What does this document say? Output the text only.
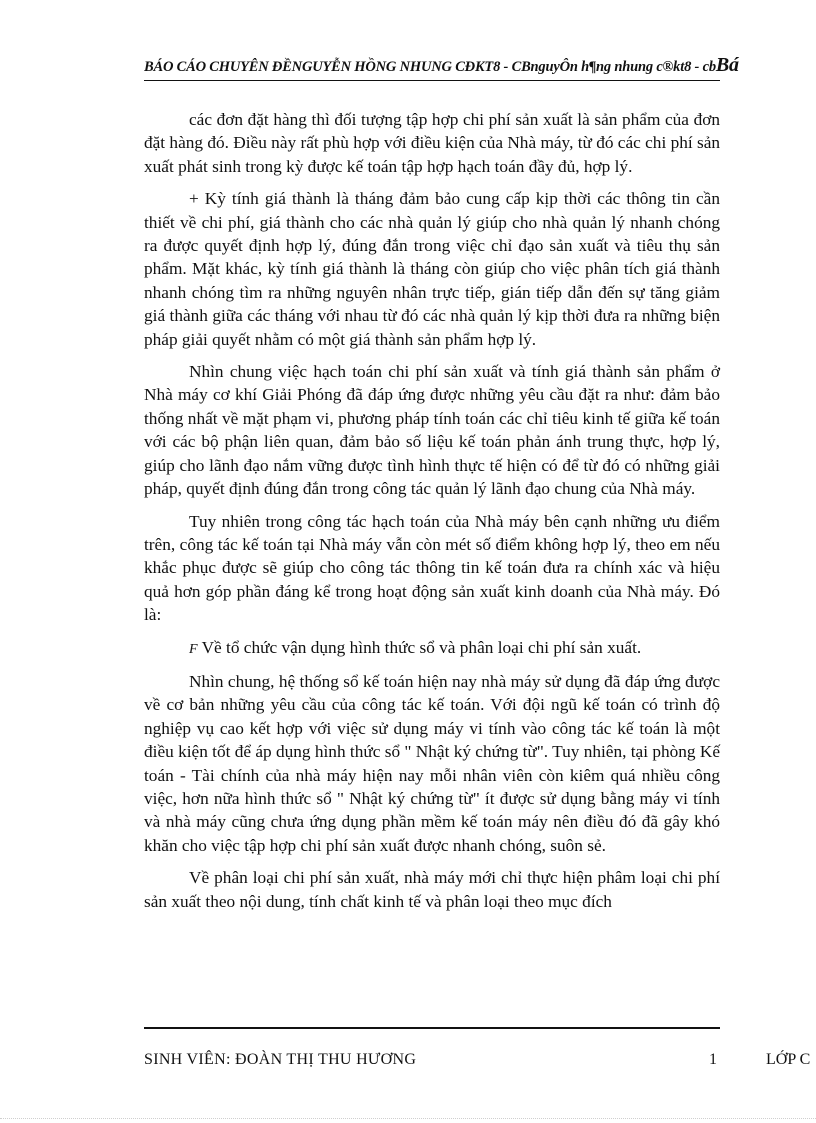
BÁO CÁO CHUYÊN ĐỀNGUYỄN HỒNG NHUNG CĐKT8 - CBnguyÔn h¶ng nhung c®kt8 - cbBá

các đơn đặt hàng thì đối tượng tập hợp chi phí sản xuất là sản phẩm của đơn đặt hàng đó. Điều này rất phù hợp với điều kiện của Nhà máy, từ đó các chi phí sản xuất phát sinh trong kỳ được kế toán tập hợp hạch toán đầy đủ, hợp lý.

+ Kỳ tính giá thành là tháng đảm bảo cung cấp kịp thời các thông tin cần thiết về chi phí, giá thành cho các nhà quản lý giúp cho nhà quản lý nhanh chóng ra được quyết định hợp lý, đúng đắn trong việc chỉ đạo sản xuất và tiêu thụ sản phẩm. Mặt khác, kỳ tính giá thành là tháng còn giúp cho việc phân tích giá thành nhanh chóng tìm ra những nguyên nhân trực tiếp, gián tiếp dẫn đến sự tăng giảm giá thành giữa các tháng với nhau từ đó các nhà quản lý kịp thời đưa ra những biện pháp giải quyết nhằm có một giá thành sản phẩm hợp lý.

Nhìn chung việc hạch toán chi phí sản xuất và tính giá thành sản phẩm ở Nhà máy cơ khí Giải Phóng đã đáp ứng được những yêu cầu đặt ra như: đảm bảo thống nhất về mặt phạm vi, phương pháp tính toán các chỉ tiêu kinh tế giữa kế toán với các bộ phận liên quan, đảm bảo số liệu kế toán phản ánh trung thực, hợp lý, giúp cho lãnh đạo nắm vững được tình hình thực tế hiện có để từ đó có những giải pháp, quyết định đúng đắn trong công tác quản lý lãnh đạo chung của Nhà máy.

Tuy nhiên trong công tác hạch toán của Nhà máy bên cạnh những ưu điểm trên, công tác kế toán tại Nhà máy vẫn còn mét số điểm không hợp lý, theo em nếu khắc phục được sẽ giúp cho công tác thông tin kế toán đưa ra chính xác và hiệu quả hơn góp phần đáng kể trong hoạt động sản xuất kinh doanh của Nhà máy. Đó là:

F Về tổ chức vận dụng hình thức sổ và phân loại chi phí sản xuất.

Nhìn chung, hệ thống sổ kế toán hiện nay nhà máy sử dụng đã đáp ứng được về cơ bản những yêu cầu của công tác kế toán. Với đội ngũ kế toán có trình độ nghiệp vụ cao kết hợp với việc sử dụng máy vi tính vào công tác kế toán là một điều kiện tốt để áp dụng hình thức sổ " Nhật ký chứng từ". Tuy nhiên, tại phòng Kế toán - Tài chính của nhà máy hiện nay mỗi nhân viên còn kiêm quá nhiều công việc, hơn nữa hình thức sổ " Nhật ký chứng từ" ít được sử dụng bằng máy vi tính và nhà máy cũng chưa ứng dụng phần mềm kế toán máy nên điều đó đã gây khó khăn cho việc tập hợp chi phí sản xuất được nhanh chóng, suôn sẻ.

Về phân loại chi phí sản xuất, nhà máy mới chỉ thực hiện phâm loại chi phí sản xuất theo nội dung, tính chất kinh tế và phân loại theo mục đích

SINH VIÊN: ĐOÀN THỊ THU HƯƠNG	1	LỚP C
